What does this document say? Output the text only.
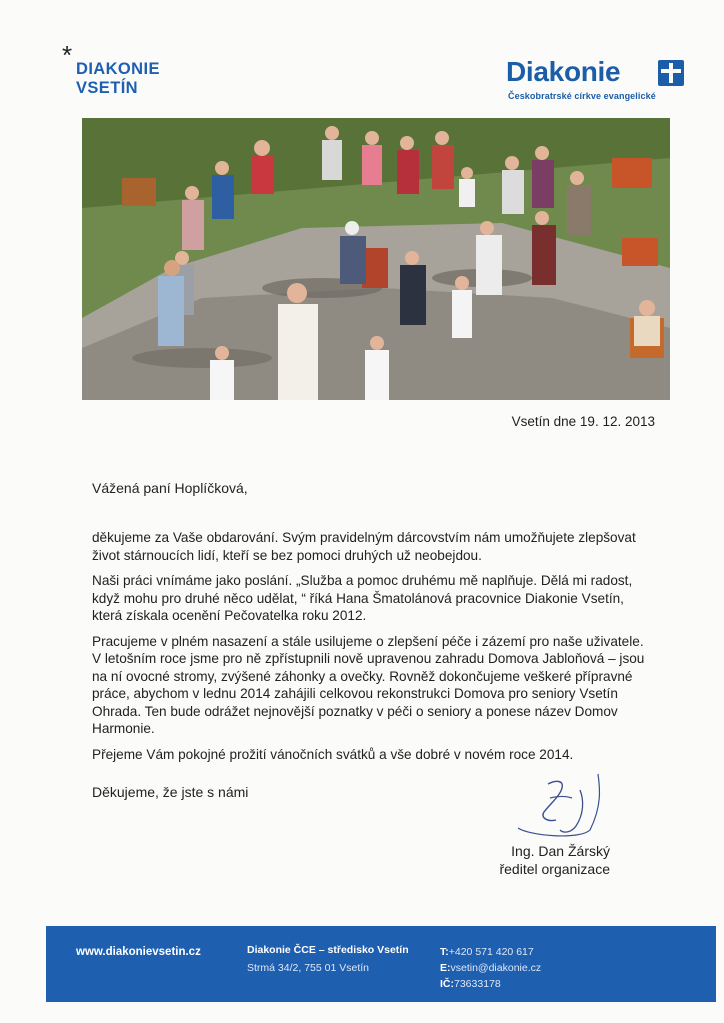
* DIAKONIE
VSETÍN
Diakonie
Českobratrské církve evangelické
Vsetín dne 19. 12. 2013
Vážená paní Hoplíčková,

děkujeme za Vaše obdarování. Svým pravidelným dárcovstvím nám umožňujete zlepšovat život stárnoucích lidí, kteří se bez pomoci druhých už neobejdou.

Naši práci vnímáme jako poslání. „Služba a pomoc druhému mě naplňuje. Dělá mi radost, když mohu pro druhé něco udělat, “ říká Hana Šmatolánová pracovnice Diakonie Vsetín, která získala ocenění Pečovatelka roku 2012.

Pracujeme v plném nasazení a stále usilujeme o zlepšení péče i zázemí pro naše uživatele. V letošním roce jsme pro ně zpřístupnili nově upravenou zahradu Domova Jabloňová – jsou na ní ovocné stromy, zvýšené záhonky a ovečky. Rovněž dokončujeme veškeré přípravné práce, abychom v lednu 2014 zahájili celkovou rekonstrukci Domova pro seniory Vsetín Ohrada. Ten bude odrážet nejnovější poznatky v péči o seniory a ponese název Domov Harmonie.

Přejeme Vám pokojné prožití vánočních svátků a vše dobré v novém roce 2014.

Děkujeme, že jste s námi
Ing. Dan Žárský
ředitel organizace
www.diakonievsetin.cz	Diakonie ČCE – středisko Vsetín
Strmá 34/2, 755 01 Vsetín
T:+420 571 420 617
E:vsetin@diakonie.cz
IČ:73633178
